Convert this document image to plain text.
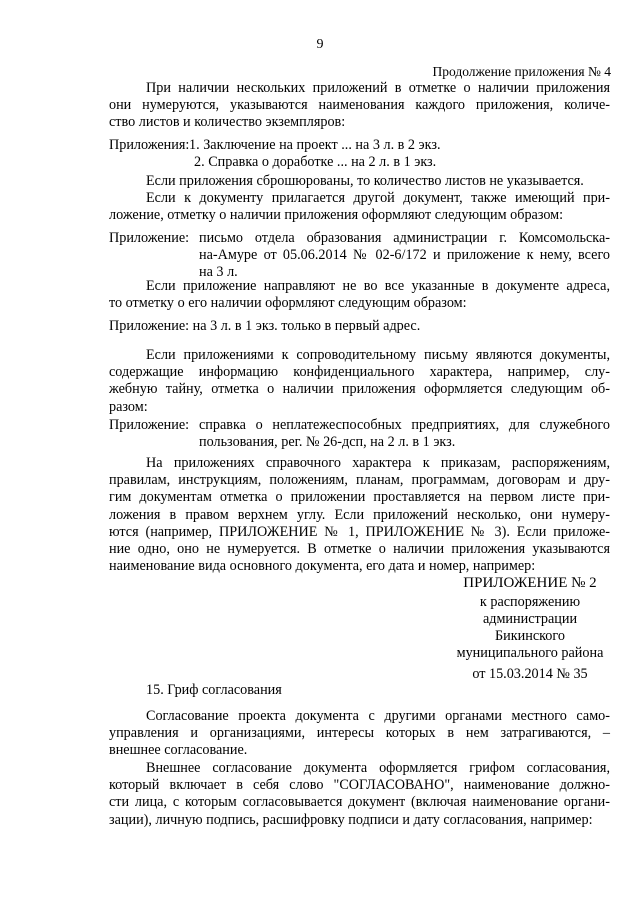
9
Продолжение приложения № 4
При наличии нескольких приложений в отметке о наличии приложения
они нумеруются, указываются наименования каждого приложения, количе-
ство листов и количество экземпляров:
Приложения: 1. Заключение на проект ... на 3 л. в 2 экз.
2. Справка о доработке ... на 2 л. в 1 экз.
Если приложения сброшюрованы, то количество листов не указывается.
Если к документу прилагается другой документ, также имеющий при-
ложение, отметку о наличии приложения оформляют следующим образом:
Приложение: письмо отдела образования администрации г. Комсомольска-
на-Амуре от 05.06.2014 № 02-6/172 и приложение к нему, всего
на 3 л.
Если приложение направляют не во все указанные в документе адреса,
то отметку о его наличии оформляют следующим образом:
Приложение: на 3 л. в 1 экз. только в первый адрес.
Если приложениями к сопроводительному письму являются документы,
содержащие информацию конфиденциального характера, например, слу-
жебную тайну, отметка о наличии приложения оформляется следующим об-
разом:
Приложение: справка о неплатежеспособных предприятиях, для служебного
пользования, рег. № 26-дсп, на 2 л. в 1 экз.
На приложениях справочного характера к приказам, распоряжениям,
правилам, инструкциям, положениям, планам, программам, договорам и дру-
гим документам отметка о приложении проставляется на первом листе при-
ложения в правом верхнем углу. Если приложений несколько, они нумеру-
ются (например, ПРИЛОЖЕНИЕ № 1, ПРИЛОЖЕНИЕ № 3). Если приложе-
ние одно, оно не нумеруется. В отметке о наличии приложения указываются
наименование вида основного документа, его дата и номер, например:
ПРИЛОЖЕНИЕ № 2
к распоряжению
администрации
Бикинского
муниципального района
от 15.03.2014 № 35
15. Гриф согласования
Согласование проекта документа с другими органами местного само-
управления и организациями, интересы которых в нем затрагиваются, –
внешнее согласование.
Внешнее согласование документа оформляется грифом согласования,
который включает в себя слово "СОГЛАСОВАНО", наименование должно-
сти лица, с которым согласовывается документ (включая наименование органи-
зации), личную подпись, расшифровку подписи и дату согласования, например:
